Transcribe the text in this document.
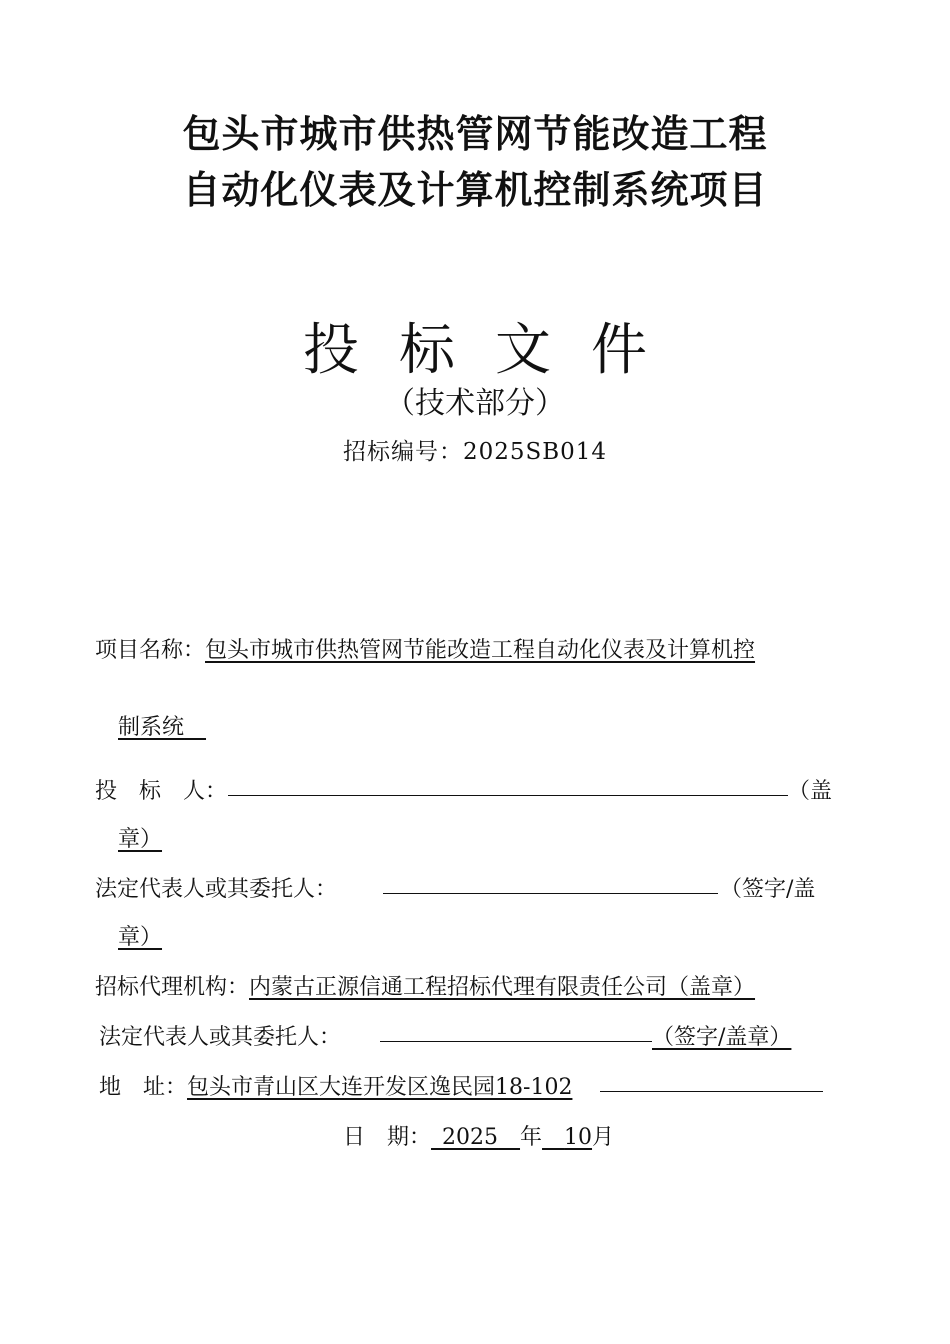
包头市城市供热管网节能改造工程
自动化仪表及计算机控制系统项目
投标文件
（技术部分）
招标编号：2025SB014
项目名称：包头市城市供热管网节能改造工程自动化仪表及计算机控
制系统 
投　标　人：	（盖
章）
法定代表人或其委托人：	（签字/盖
章）
招标代理机构：内蒙古正源信通工程招标代理有限责任公司（盖章）
法定代表人或其委托人：	（签字/盖章）
地　址：包头市青山区大连开发区逸民园18-102
日　期：  2025  年  10月
